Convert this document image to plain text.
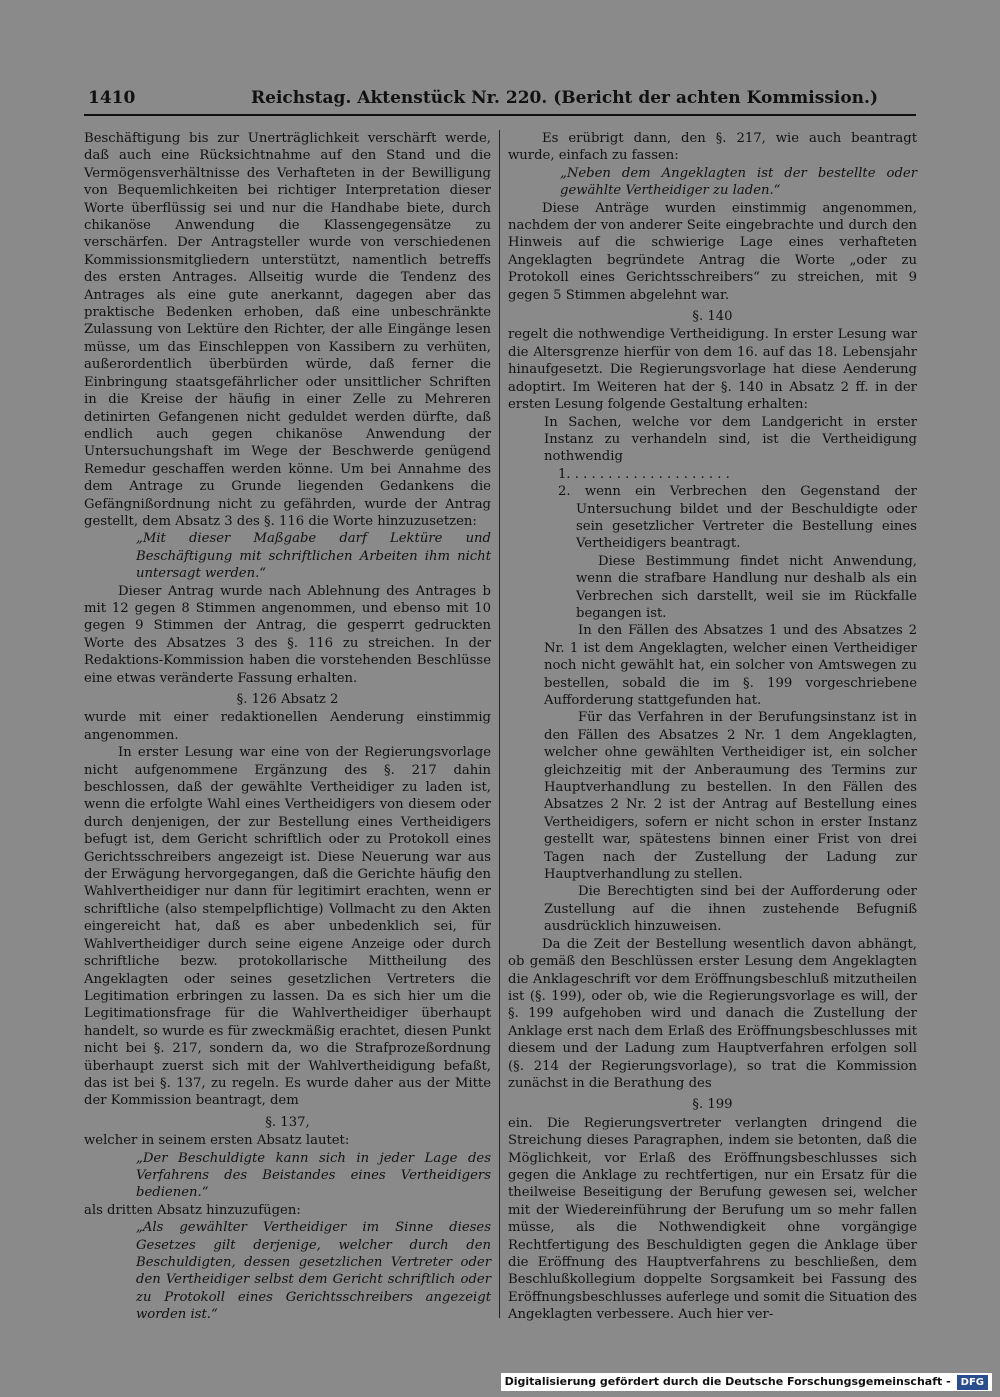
1410	Reichstag. Aktenstück Nr. 220. (Bericht der achten Kommission.)

Beschäftigung bis zur Unerträglichkeit verschärft werde, daß auch eine Rücksichtnahme auf den Stand und die Vermögensverhältnisse des Verhafteten in der Bewilligung von Bequemlichkeiten bei richtiger Interpretation dieser Worte überflüssig sei und nur die Handhabe biete, durch chikanöse Anwendung die Klassengegensätze zu verschärfen. Der Antragsteller wurde von verschiedenen Kommissionsmitgliedern unterstützt, namentlich betreffs des ersten Antrages. Allseitig wurde die Tendenz des Antrages als eine gute anerkannt, dagegen aber das praktische Bedenken erhoben, daß eine unbeschränkte Zulassung von Lektüre den Richter, der alle Eingänge lesen müsse, um das Einschleppen von Kassibern zu verhüten, außerordentlich überbürden würde, daß ferner die Einbringung staatsgefährlicher oder unsittlicher Schriften in die Kreise der häufig in einer Zelle zu Mehreren detinirten Gefangenen nicht geduldet werden dürfte, daß endlich auch gegen chikanöse Anwendung der Untersuchungshaft im Wege der Beschwerde genügend Remedur geschaffen werden könne. Um bei Annahme des dem Antrage zu Grunde liegenden Gedankens die Gefängnißordnung nicht zu gefährden, wurde der Antrag gestellt, dem Absatz 3 des §. 116 die Worte hinzuzusetzen:

„Mit dieser Maßgabe darf Lektüre und Beschäftigung mit schriftlichen Arbeiten ihm nicht untersagt werden.“

Dieser Antrag wurde nach Ablehnung des Antrages b mit 12 gegen 8 Stimmen angenommen, und ebenso mit 10 gegen 9 Stimmen der Antrag, die gesperrt gedruckten Worte des Absatzes 3 des §. 116 zu streichen. In der Redaktions-Kommission haben die vorstehenden Beschlüsse eine etwas veränderte Fassung erhalten.

§. 126 Absatz 2

wurde mit einer redaktionellen Aenderung einstimmig angenommen.

In erster Lesung war eine von der Regierungsvorlage nicht aufgenommene Ergänzung des §. 217 dahin beschlossen, daß der gewählte Vertheidiger zu laden ist, wenn die erfolgte Wahl eines Vertheidigers von diesem oder durch denjenigen, der zur Bestellung eines Vertheidigers befugt ist, dem Gericht schriftlich oder zu Protokoll eines Gerichtsschreibers angezeigt ist. Diese Neuerung war aus der Erwägung hervorgegangen, daß die Gerichte häufig den Wahlvertheidiger nur dann für legitimirt erachten, wenn er schriftliche (also stempelpflichtige) Vollmacht zu den Akten eingereicht hat, daß es aber unbedenklich sei, für Wahlvertheidiger durch seine eigene Anzeige oder durch schriftliche bezw. protokollarische Mittheilung des Angeklagten oder seines gesetzlichen Vertreters die Legitimation erbringen zu lassen. Da es sich hier um die Legitimationsfrage für die Wahlvertheidiger überhaupt handelt, so wurde es für zweckmäßig erachtet, diesen Punkt nicht bei §. 217, sondern da, wo die Strafprozeßordnung überhaupt zuerst sich mit der Wahlvertheidigung befaßt, das ist bei §. 137, zu regeln. Es wurde daher aus der Mitte der Kommission beantragt, dem

§. 137,

welcher in seinem ersten Absatz lautet:

„Der Beschuldigte kann sich in jeder Lage des Verfahrens des Beistandes eines Vertheidigers bedienen.“

als dritten Absatz hinzuzufügen:

„Als gewählter Vertheidiger im Sinne dieses Gesetzes gilt derjenige, welcher durch den Beschuldigten, dessen gesetzlichen Vertreter oder den Vertheidiger selbst dem Gericht schriftlich oder zu Protokoll eines Gerichtsschreibers angezeigt worden ist.“

Es erübrigt dann, den §. 217, wie auch beantragt wurde, einfach zu fassen:

„Neben dem Angeklagten ist der bestellte oder gewählte Vertheidiger zu laden.“

Diese Anträge wurden einstimmig angenommen, nachdem der von anderer Seite eingebrachte und durch den Hinweis auf die schwierige Lage eines verhafteten Angeklagten begründete Antrag die Worte „oder zu Protokoll eines Gerichtsschreibers“ zu streichen, mit 9 gegen 5 Stimmen abgelehnt war.

§. 140

regelt die nothwendige Vertheidigung. In erster Lesung war die Altersgrenze hierfür von dem 16. auf das 18. Lebensjahr hinaufgesetzt. Die Regierungsvorlage hat diese Aenderung adoptirt. Im Weiteren hat der §. 140 in Absatz 2 ff. in der ersten Lesung folgende Gestaltung erhalten:

In Sachen, welche vor dem Landgericht in erster Instanz zu verhandeln sind, ist die Vertheidigung nothwendig

1. . . . . . . . . . . . . . . . . . . .

2. wenn ein Verbrechen den Gegenstand der Untersuchung bildet und der Beschuldigte oder sein gesetzlicher Vertreter die Bestellung eines Vertheidigers beantragt.

Diese Bestimmung findet nicht Anwendung, wenn die strafbare Handlung nur deshalb als ein Verbrechen sich darstellt, weil sie im Rückfalle begangen ist.

In den Fällen des Absatzes 1 und des Absatzes 2 Nr. 1 ist dem Angeklagten, welcher einen Vertheidiger noch nicht gewählt hat, ein solcher von Amtswegen zu bestellen, sobald die im §. 199 vorgeschriebene Aufforderung stattgefunden hat.

Für das Verfahren in der Berufungsinstanz ist in den Fällen des Absatzes 2 Nr. 1 dem Angeklagten, welcher ohne gewählten Vertheidiger ist, ein solcher gleichzeitig mit der Anberaumung des Termins zur Hauptverhandlung zu bestellen. In den Fällen des Absatzes 2 Nr. 2 ist der Antrag auf Bestellung eines Vertheidigers, sofern er nicht schon in erster Instanz gestellt war, spätestens binnen einer Frist von drei Tagen nach der Zustellung der Ladung zur Hauptverhandlung zu stellen.

Die Berechtigten sind bei der Aufforderung oder Zustellung auf die ihnen zustehende Befugniß ausdrücklich hinzuweisen.

Da die Zeit der Bestellung wesentlich davon abhängt, ob gemäß den Beschlüssen erster Lesung dem Angeklagten die Anklageschrift vor dem Eröffnungsbeschluß mitzutheilen ist (§. 199), oder ob, wie die Regierungsvorlage es will, der §. 199 aufgehoben wird und danach die Zustellung der Anklage erst nach dem Erlaß des Eröffnungsbeschlusses mit diesem und der Ladung zum Hauptverfahren erfolgen soll (§. 214 der Regierungsvorlage), so trat die Kommission zunächst in die Berathung des

§. 199

ein. Die Regierungsvertreter verlangten dringend die Streichung dieses Paragraphen, indem sie betonten, daß die Möglichkeit, vor Erlaß des Eröffnungsbeschlusses sich gegen die Anklage zu rechtfertigen, nur ein Ersatz für die theilweise Beseitigung der Berufung gewesen sei, welcher mit der Wiedereinführung der Berufung um so mehr fallen müsse, als die Nothwendigkeit ohne vorgängige Rechtfertigung des Beschuldigten gegen die Anklage über die Eröffnung des Hauptverfahrens zu beschließen, dem Beschlußkollegium doppelte Sorgsamkeit bei Fassung des Eröffnungsbeschlusses auferlege und somit die Situation des Angeklagten verbessere. Auch hier ver-

Digitalisierung gefördert durch die Deutsche Forschungsgemeinschaft -	DFG
